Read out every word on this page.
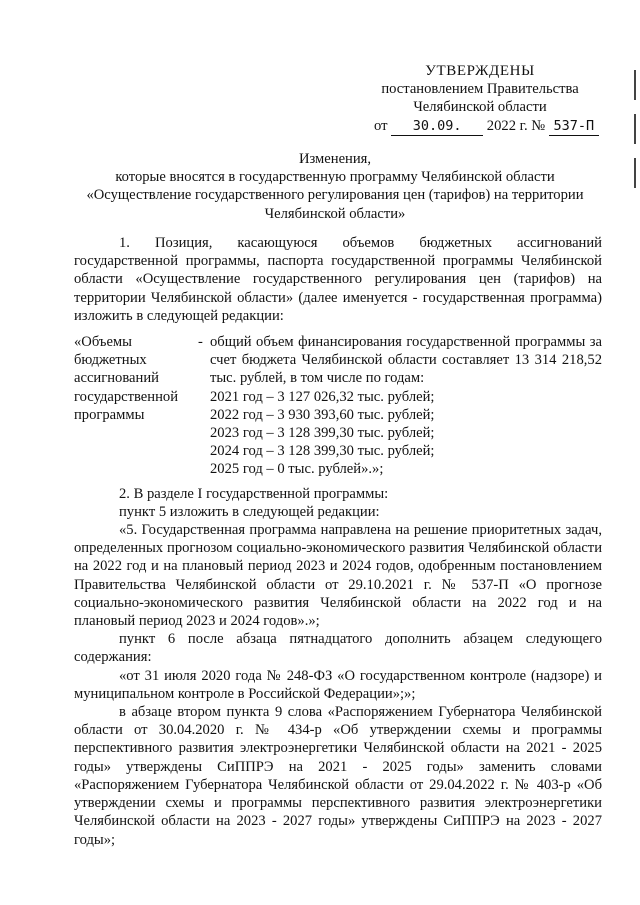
УТВЕРЖДЕНЫ
постановлением Правительства
Челябинской области
от 30.09. 2022 г. № 537-П
Изменения,
которые вносятся в государственную программу Челябинской области
«Осуществление государственного регулирования цен (тарифов) на территории
Челябинской области»

1. Позиция, касающуюся объемов бюджетных ассигнований государственной программы, паспорта государственной программы Челябинской области «Осуществление государственного регулирования цен (тарифов) на территории Челябинской области» (далее именуется - государственная программа) изложить в следующей редакции:

«Объемы
бюджетных
ассигнований
государственной
программы
- общий объем финансирования государственной программы за счет бюджета Челябинской области составляет 13 314 218,52 тыс. рублей, в том числе по годам:

2021 год – 3 127 026,32 тыс. рублей;
2022 год – 3 930 393,60 тыс. рублей;
2023 год – 3 128 399,30 тыс. рублей;
2024 год – 3 128 399,30 тыс. рублей;
2025 год – 0 тыс. рублей».»;

2. В разделе I государственной программы:

пункт 5 изложить в следующей редакции:

«5. Государственная программа направлена на решение приоритетных задач, определенных прогнозом социально-экономического развития Челябинской области на 2022 год и на плановый период 2023 и 2024 годов, одобренным постановлением Правительства Челябинской области от 29.10.2021 г. № 537-П «О прогнозе социально-экономического развития Челябинской области на 2022 год и на плановый период 2023 и 2024 годов».»;

пункт 6 после абзаца пятнадцатого дополнить абзацем следующего содержания:

«от 31 июля 2020 года № 248-ФЗ «О государственном контроле (надзоре) и муниципальном контроле в Российской Федерации»;»;

в абзаце втором пункта 9 слова «Распоряжением Губернатора Челябинской области от 30.04.2020 г. № 434-р «Об утверждении схемы и программы перспективного развития электроэнергетики Челябинской области на 2021 - 2025 годы» утверждены СиППРЭ на 2021 - 2025 годы» заменить словами «Распоряжением Губернатора Челябинской области от 29.04.2022 г. № 403-р «Об утверждении схемы и программы перспективного развития электроэнергетики Челябинской области на 2023 - 2027 годы» утверждены СиППРЭ на 2023 - 2027 годы»;
